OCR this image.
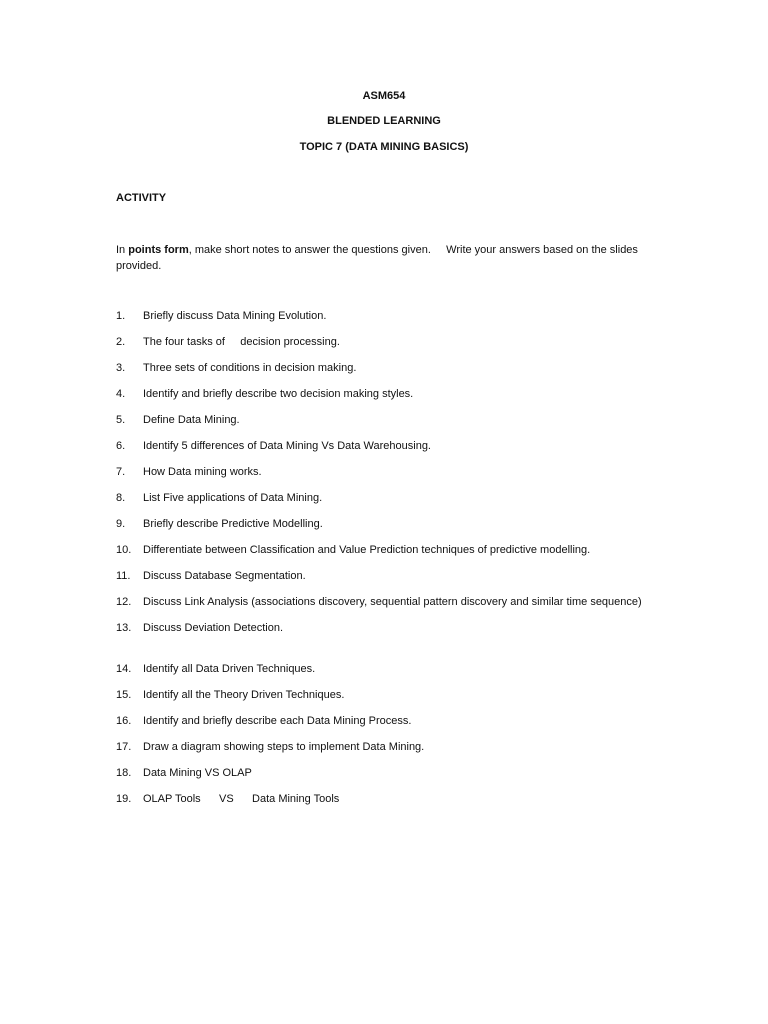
ASM654
BLENDED LEARNING
TOPIC 7 (DATA MINING BASICS)
ACTIVITY
In points form, make short notes to answer the questions given.     Write your answers based on the slides provided.
1.	Briefly discuss Data Mining Evolution.
2.	The four tasks of     decision processing.
3.	Three sets of conditions in decision making.
4.	Identify and briefly describe two decision making styles.
5.	Define Data Mining.
6.	Identify 5 differences of Data Mining Vs Data Warehousing.
7.	How Data mining works.
8.	List Five applications of Data Mining.
9.	Briefly describe Predictive Modelling.
10.	Differentiate between Classification and Value Prediction techniques of predictive modelling.
11.	Discuss Database Segmentation.
12.	Discuss Link Analysis (associations discovery, sequential pattern discovery and similar time sequence)
13.	Discuss Deviation Detection.
14.	Identify all Data Driven Techniques.
15.	Identify all the Theory Driven Techniques.
16.	Identify and briefly describe each Data Mining Process.
17.	Draw a diagram showing steps to implement Data Mining.
18.	Data Mining VS OLAP
19.	OLAP Tools      VS      Data Mining Tools
